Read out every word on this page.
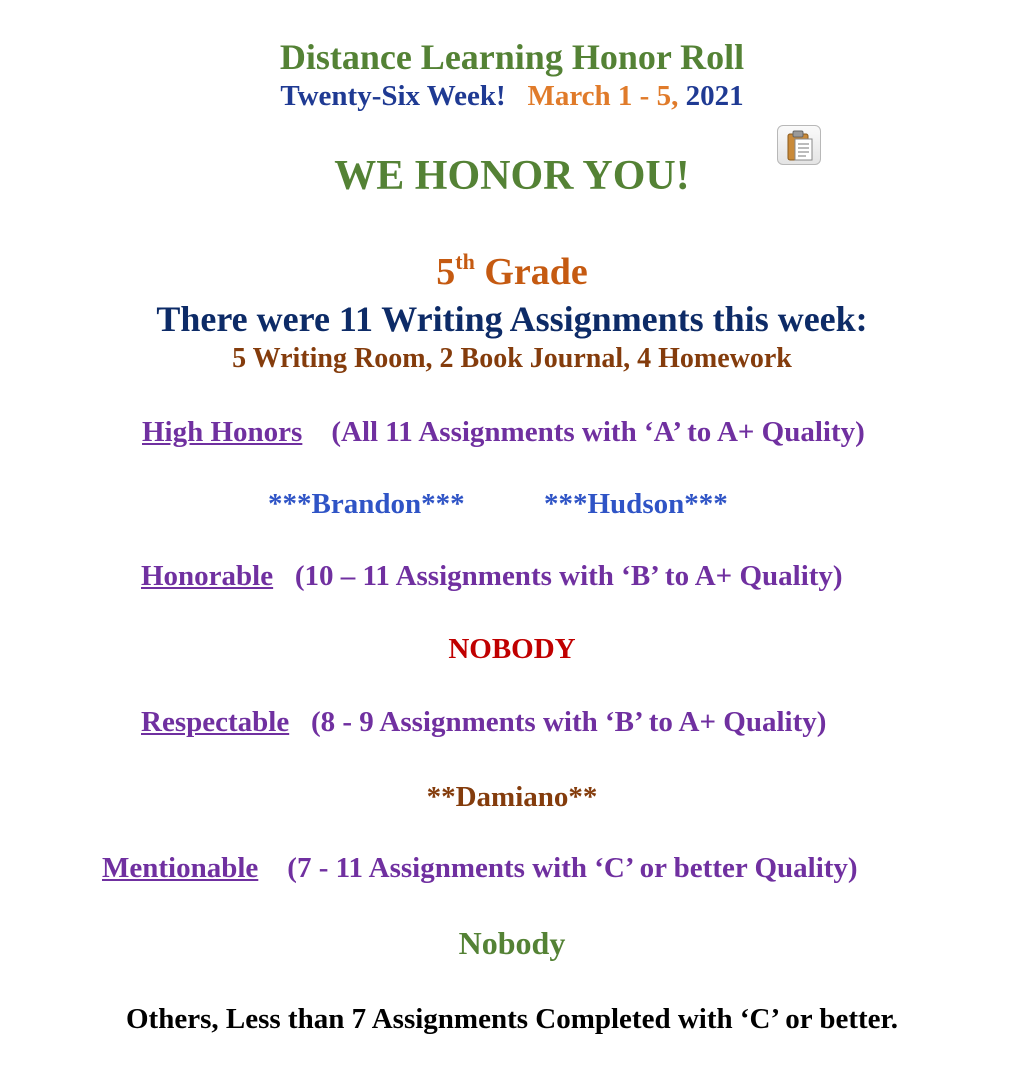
Distance Learning Honor Roll
Twenty-Six Week! March 1 - 5, 2021
WE HONOR YOU!
5th Grade
There were 11 Writing Assignments this week:
5 Writing Room, 2 Book Journal, 4 Homework
High Honors (All 11 Assignments with ‘A’ to A+ Quality)
***Brandon***	***Hudson***
Honorable (10 – 11 Assignments with ‘B’ to A+ Quality)
NOBODY
Respectable (8 - 9 Assignments with ‘B’ to A+ Quality)
**Damiano**
Mentionable (7 - 11 Assignments with ‘C’ or better Quality)
Nobody
Others, Less than 7 Assignments Completed with ‘C’ or better.
